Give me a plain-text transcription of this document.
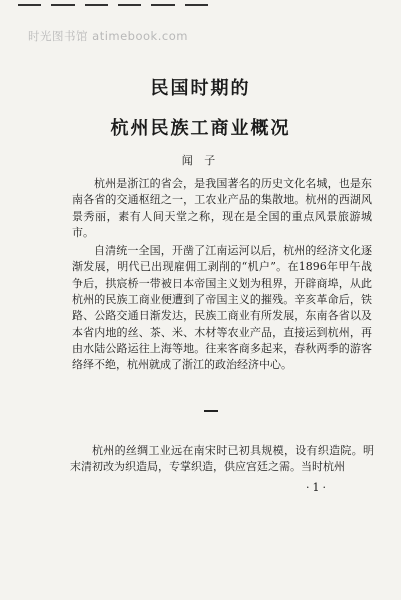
时光图书馆 atimebook.com
民国时期的
杭州民族工商业概况
闻 子

杭州是浙江的省会，是我国著名的历史文化名城，也是东南各省的交通枢纽之一，工农业产品的集散地。杭州的西湖风景秀丽，素有人间天堂之称，现在是全国的重点风景旅游城市。

自清统一全国，开凿了江南运河以后，杭州的经济文化逐渐发展，明代已出现雇佣工剥削的“机户”。在1896年甲午战争后，拱宸桥一带被日本帝国主义划为租界，开辟商埠，从此杭州的民族工商业便遭到了帝国主义的摧残。辛亥革命后，铁路、公路交通日渐发达，民族工商业有所发展，东南各省以及本省内地的丝、茶、米、木材等农业产品，直接运到杭州，再由水陆公路运往上海等地。往来客商多起来，春秋两季的游客络绎不绝，杭州就成了浙江的政治经济中心。

杭州的丝绸工业远在南宋时已初具规模，设有织造院。明末清初改为织造局，专掌织造，供应宫廷之需。当时杭州

·1·
